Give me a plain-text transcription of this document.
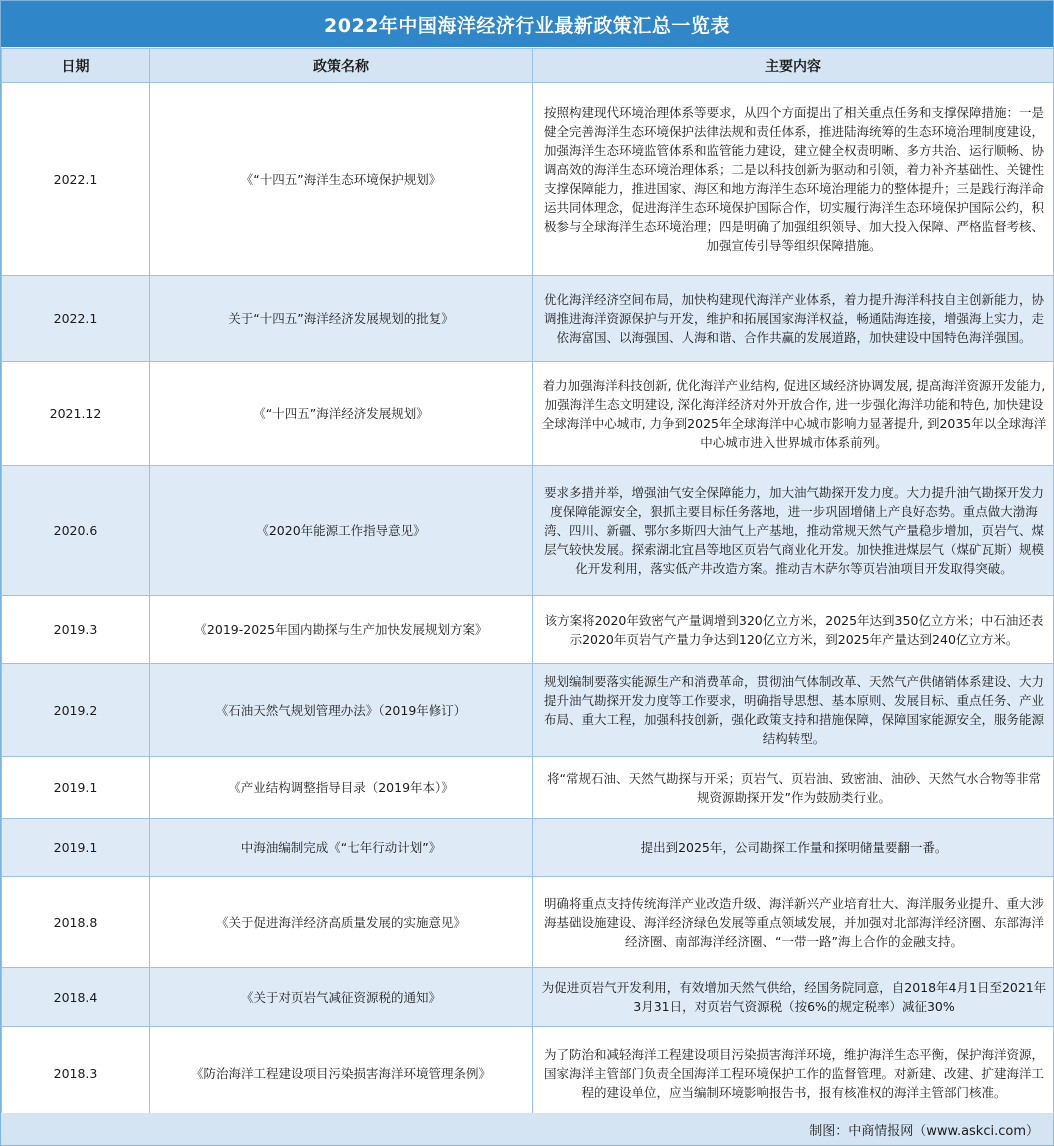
2022年中国海洋经济行业最新政策汇总一览表
日期	政策名称	主要内容
2022.1	《“十四五”海洋生态环境保护规划》	按照构建现代环境治理体系等要求，从四个方面提出了相关重点任务和支撑保障措施：一是健全完善海洋生态环境保护法律法规和责任体系，推进陆海统筹的生态环境治理制度建设，加强海洋生态环境监管体系和监管能力建设，建立健全权责明晰、多方共治、运行顺畅、协调高效的海洋生态环境治理体系；二是以科技创新为驱动和引领，着力补齐基础性、关键性支撑保障能力，推进国家、海区和地方海洋生态环境治理能力的整体提升；三是践行海洋命运共同体理念，促进海洋生态环境保护国际合作，切实履行海洋生态环境保护国际公约，积极参与全球海洋生态环境治理；四是明确了加强组织领导、加大投入保障、严格监督考核、加强宣传引导等组织保障措施。
2022.1	关于“十四五”海洋经济发展规划的批复》	优化海洋经济空间布局，加快构建现代海洋产业体系，着力提升海洋科技自主创新能力，协调推进海洋资源保护与开发，维护和拓展国家海洋权益，畅通陆海连接，增强海上实力，走依海富国、以海强国、人海和谐、合作共赢的发展道路，加快建设中国特色海洋强国。
2021.12	《“十四五”海洋经济发展规划》	着力加强海洋科技创新, 优化海洋产业结构, 促进区域经济协调发展, 提高海洋资源开发能力, 加强海洋生态文明建设, 深化海洋经济对外开放合作, 进一步强化海洋功能和特色, 加快建设全球海洋中心城市, 力争到2025年全球海洋中心城市影响力显著提升, 到2035年以全球海洋中心城市进入世界城市体系前列。
2020.6	《2020年能源工作指导意见》	要求多措并举，增强油气安全保障能力，加大油气勘探开发力度。大力提升油气勘探开发力度保障能源安全，狠抓主要目标任务落地，进一步巩固增储上产良好态势。重点做大渤海湾、四川、新疆、鄂尔多斯四大油气上产基地，推动常规天然气产量稳步增加，页岩气、煤层气较快发展。探索湖北宜昌等地区页岩气商业化开发。加快推进煤层气（煤矿瓦斯）规模化开发利用，落实低产井改造方案。推动吉木萨尔等页岩油项目开发取得突破。
2019.3	《2019-2025年国内勘探与生产加快发展规划方案》	该方案将2020年致密气产量调增到320亿立方米，2025年达到350亿立方米；中石油还表示2020年页岩气产量力争达到120亿立方米，到2025年产量达到240亿立方米。
2019.2	《石油天然气规划管理办法》（2019年修订）	规划编制要落实能源生产和消费革命，贯彻油气体制改革、天然气产供储销体系建设、大力提升油气勘探开发力度等工作要求，明确指导思想、基本原则、发展目标、重点任务、产业布局、重大工程，加强科技创新，强化政策支持和措施保障，保障国家能源安全，服务能源结构转型。
2019.1	《产业结构调整指导目录（2019年本）》	将“常规石油、天然气勘探与开采；页岩气、页岩油、致密油、油砂、天然气水合物等非常规资源勘探开发”作为鼓励类行业。
2019.1	中海油编制完成《“七年行动计划”》	提出到2025年，公司勘探工作量和探明储量要翻一番。
2018.8	《关于促进海洋经济高质量发展的实施意见》	明确将重点支持传统海洋产业改造升级、海洋新兴产业培育壮大、海洋服务业提升、重大涉海基础设施建设、海洋经济绿色发展等重点领域发展，并加强对北部海洋经济圈、东部海洋经济圈、南部海洋经济圈、“一带一路”海上合作的金融支持。
2018.4	《关于对页岩气减征资源税的通知》	为促进页岩气开发利用，有效增加天然气供给，经国务院同意，自2018年4月1日至2021年3月31日，对页岩气资源税（按6%的规定税率）减征30%
2018.3	《防治海洋工程建设项目污染损害海洋环境管理条例》	为了防治和减轻海洋工程建设项目污染损害海洋环境，维护海洋生态平衡，保护海洋资源，国家海洋主管部门负责全国海洋工程环境保护工作的监督管理。对新建、改建、扩建海洋工程的建设单位，应当编制环境影响报告书，报有核准权的海洋主管部门核准。
制图：中商情报网（www.askci.com）
